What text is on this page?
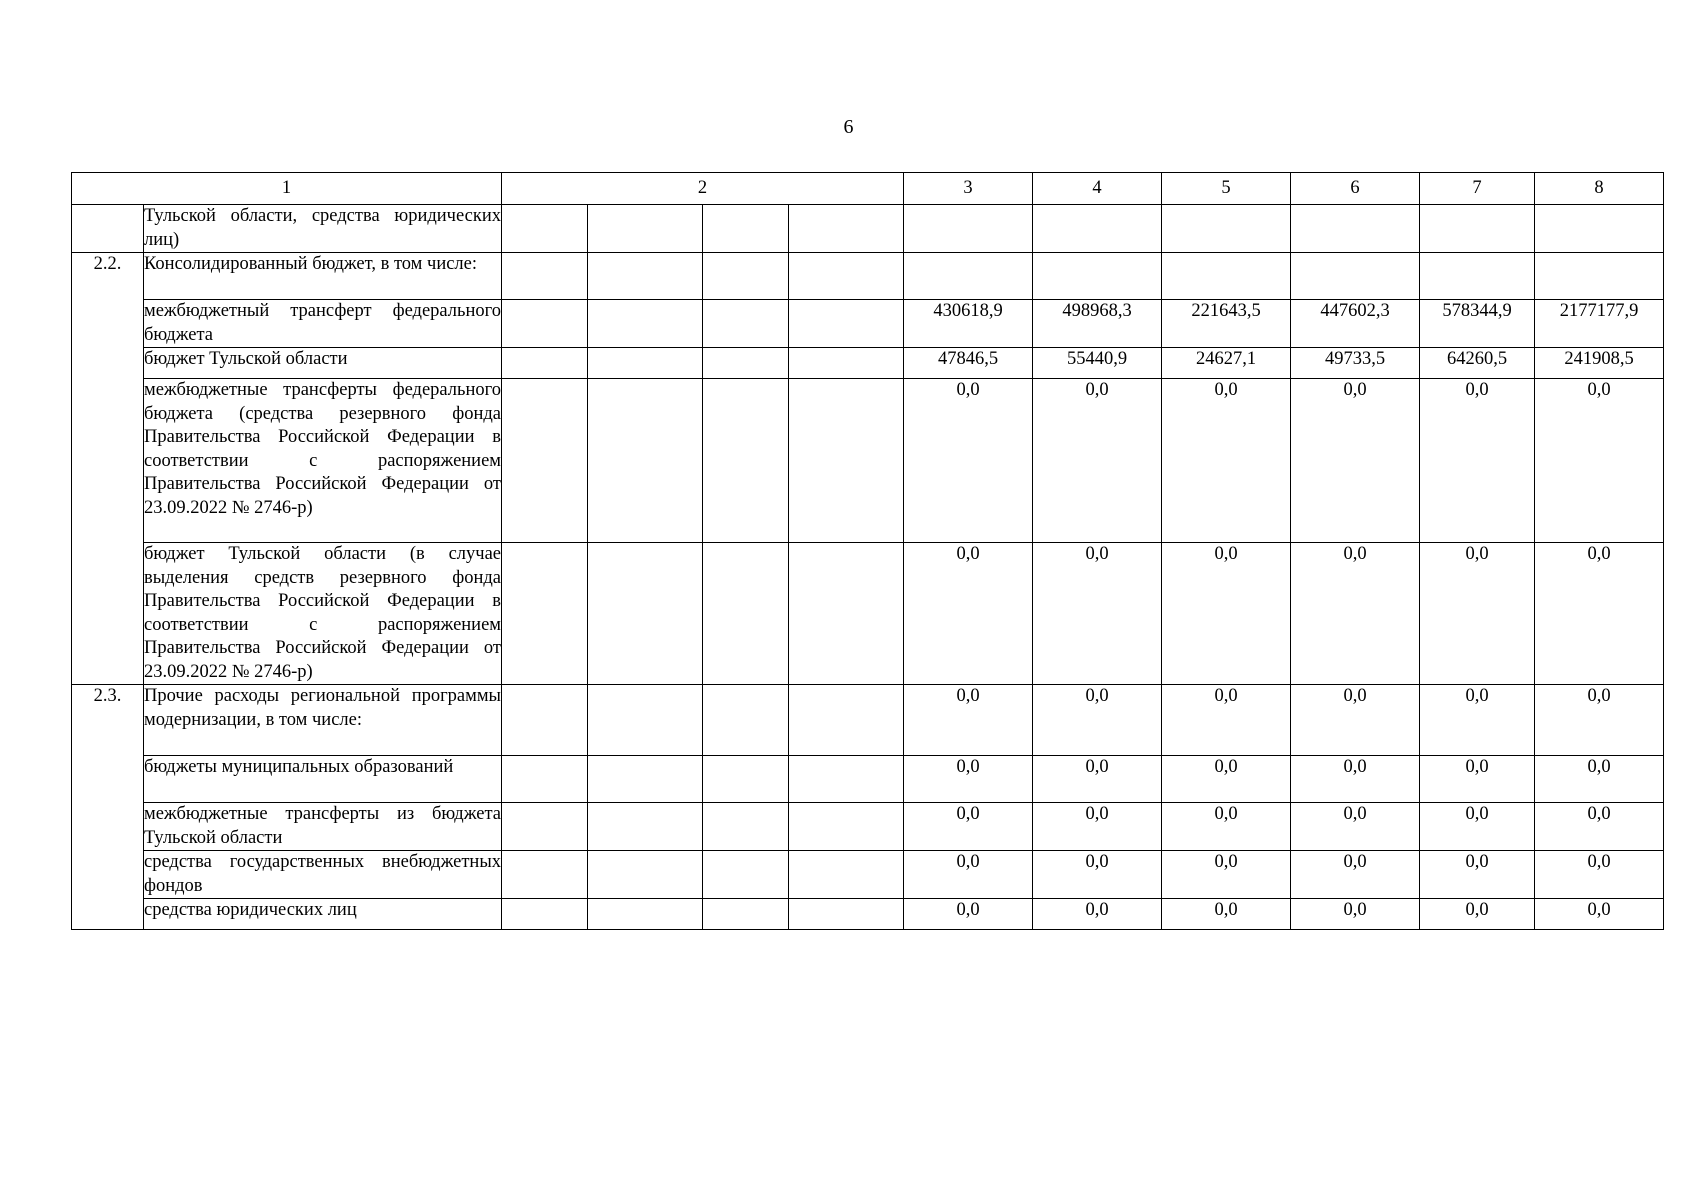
6
1		2				3	4	5	6	7	8
	Тульской области, средства юридических лиц)										
2.2.	Консолидированный бюджет, в том числе:										
	межбюджетный трансферт федерального бюджета					430618,9	498968,3	221643,5	447602,3	578344,9	2177177,9
	бюджет Тульской области					47846,5	55440,9	24627,1	49733,5	64260,5	241908,5
	межбюджетные трансферты федерального бюджета (средства резервного фонда Правительства Российской Федерации в соответствии с распоряжением Правительства Российской Федерации от 23.09.2022 № 2746-р)					0,0	0,0	0,0	0,0	0,0	0,0
	бюджет Тульской области (в случае выделения средств резервного фонда Правительства Российской Федерации в соответствии с распоряжением Правительства Российской Федерации от 23.09.2022 № 2746-р)					0,0	0,0	0,0	0,0	0,0	0,0
2.3.	Прочие расходы региональной программы модернизации, в том числе:					0,0	0,0	0,0	0,0	0,0	0,0
	бюджеты муниципальных образований					0,0	0,0	0,0	0,0	0,0	0,0
	межбюджетные трансферты из бюджета Тульской области					0,0	0,0	0,0	0,0	0,0	0,0
	средства государственных внебюджетных фондов					0,0	0,0	0,0	0,0	0,0	0,0
	средства юридических лиц					0,0	0,0	0,0	0,0	0,0	0,0
